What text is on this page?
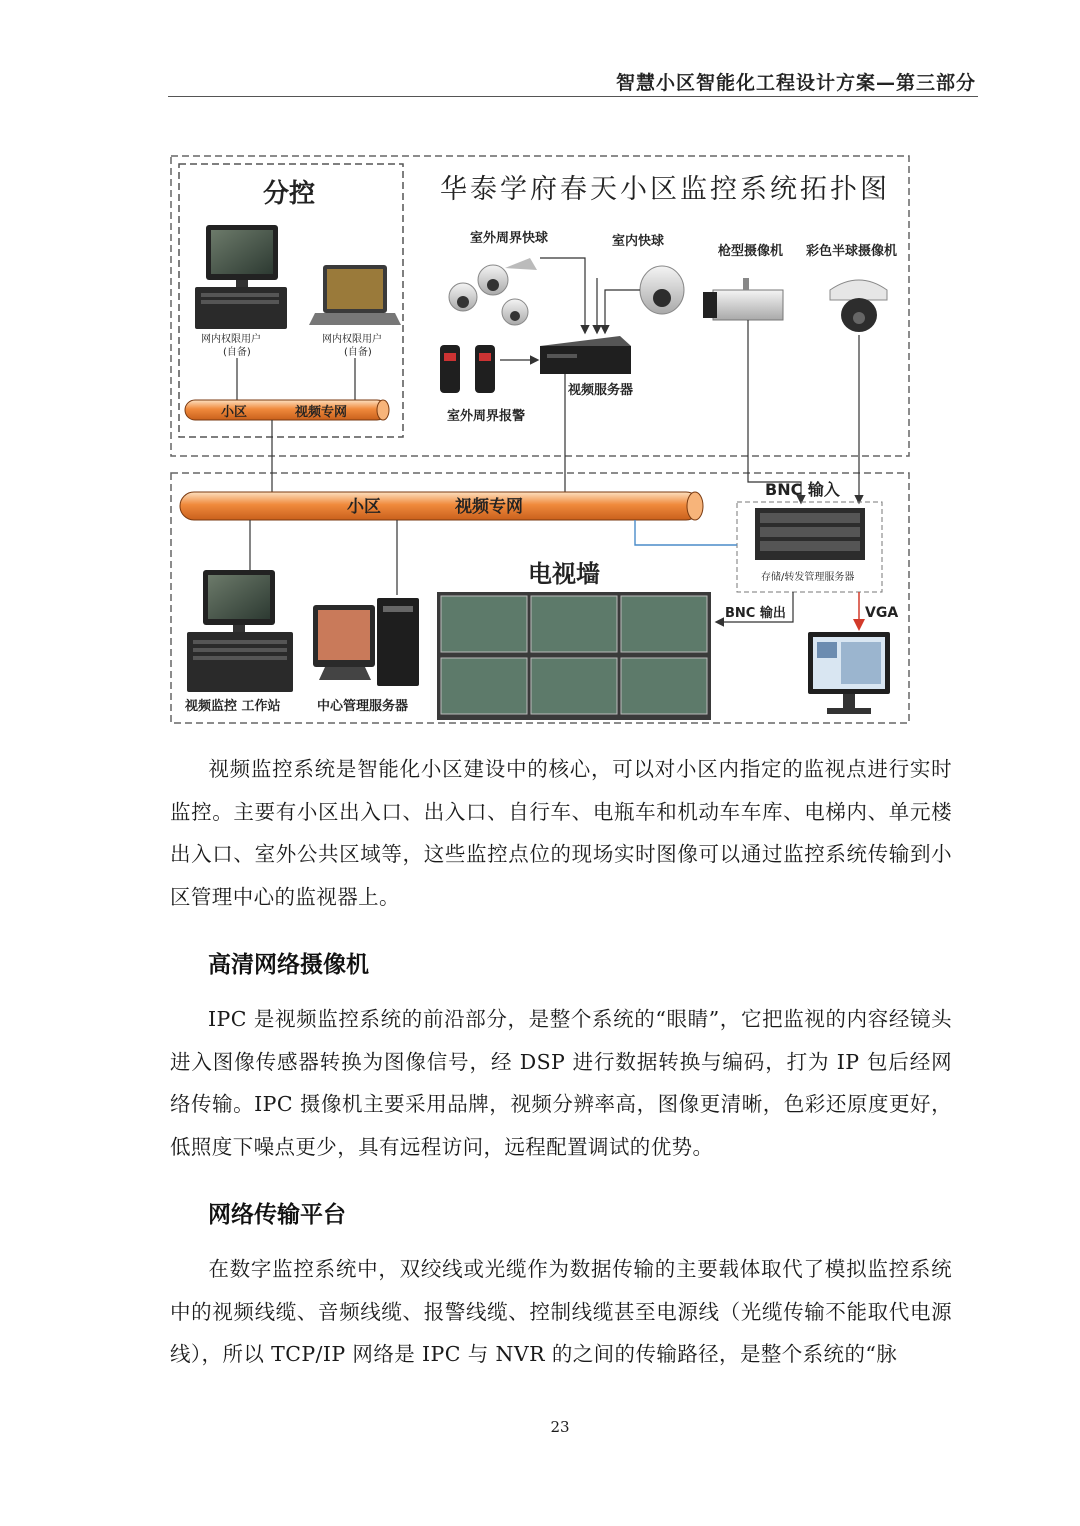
智慧小区智能化工程设计方案—第三部分
华泰学府春天小区监控系统拓扑图
分控
网内权限用户
(自备)
网内权限用户
(自备)
小区	视频专网
室外周界快球	室内快球
枪型摄像机 彩色半球摄像机
室外周界报警
视频服务器
小区	视频专网
BNC 输入
存储/转发管理服务器
视频监控 工作站	中心管理服务器
电视墙
BNC 输出	VGA

视频监控系统是智能化小区建设中的核心，可以对小区内指定的监视点进行实时监控。主要有小区出入口、出入口、自行车、电瓶车和机动车车库、电梯内、单元楼出入口、室外公共区域等，这些监控点位的现场实时图像可以通过监控系统传输到小区管理中心的监视器上。

高清网络摄像机

IPC 是视频监控系统的前沿部分，是整个系统的“眼睛”，它把监视的内容经镜头进入图像传感器转换为图像信号，经 DSP 进行数据转换与编码，打为 IP 包后经网络传输。IPC 摄像机主要采用品牌，视频分辨率高，图像更清晰，色彩还原度更好，低照度下噪点更少，具有远程访问，远程配置调试的优势。

网络传输平台

在数字监控系统中，双绞线或光缆作为数据传输的主要载体取代了模拟监控系统中的视频线缆、音频线缆、报警线缆、控制线缆甚至电源线（光缆传输不能取代电源线），所以 TCP/IP 网络是 IPC 与 NVR 的之间的传输路径，是整个系统的“脉

23
